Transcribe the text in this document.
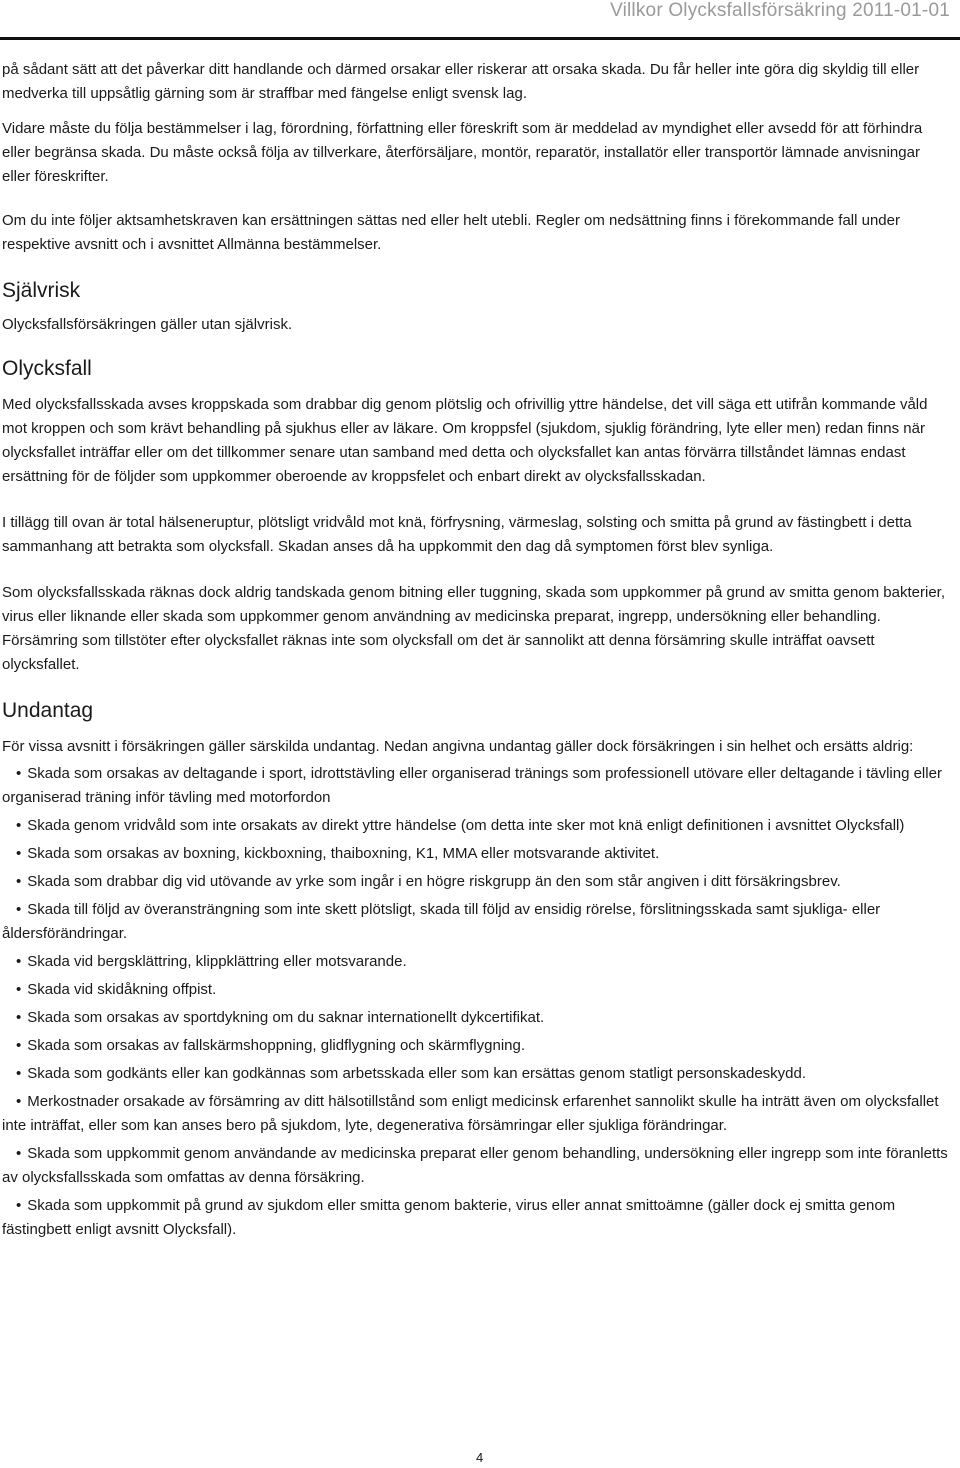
Villkor Olycksfallsförsäkring 2011-01-01

på sådant sätt att det påverkar ditt handlande och därmed orsakar eller riskerar att orsaka skada. Du får heller inte göra dig skyldig till eller medverka till uppsåtlig gärning som är straffbar med fängelse enligt svensk lag.

Vidare måste du följa bestämmelser i lag, förordning, författning eller föreskrift som är meddelad av myndighet eller avsedd för att förhindra eller begränsa skada. Du måste också följa av tillverkare, återförsäljare, montör, reparatör, installatör eller transportör lämnade anvisningar eller föreskrifter.

Om du inte följer aktsamhetskraven kan ersättningen sättas ned eller helt utebli. Regler om nedsättning finns i förekommande fall under respektive avsnitt och i avsnittet Allmänna bestämmelser.

Självrisk

Olycksfallsförsäkringen gäller utan självrisk.

Olycksfall

Med olycksfallsskada avses kroppskada som drabbar dig genom plötslig och ofrivillig yttre händelse, det vill säga ett utifrån kommande våld mot kroppen och som krävt behandling på sjukhus eller av läkare. Om kroppsfel (sjukdom, sjuklig förändring, lyte eller men) redan finns när olycksfallet inträffar eller om det tillkommer senare utan samband med detta och olycksfallet kan antas förvärra tillståndet lämnas endast ersättning för de följder som uppkommer oberoende av kroppsfelet och enbart direkt av olycksfallsskadan.

I tillägg till ovan är total hälseneruptur, plötsligt vridvåld mot knä, förfrysning, värmeslag, solsting och smitta på grund av fästingbett i detta sammanhang att betrakta som olycksfall. Skadan anses då ha uppkommit den dag då symptomen först blev synliga.

Som olycksfallsskada räknas dock aldrig tandskada genom bitning eller tuggning, skada som uppkommer på grund av smitta genom bakterier, virus eller liknande eller skada som uppkommer genom användning av medicinska preparat, ingrepp, undersökning eller behandling. Försämring som tillstöter efter olycksfallet räknas inte som olycksfall om det är sannolikt att denna försämring skulle inträffat oavsett olycksfallet.

Undantag

För vissa avsnitt i försäkringen gäller särskilda undantag. Nedan angivna undantag gäller dock försäkringen i sin helhet och ersätts aldrig:

• Skada som orsakas av deltagande i sport, idrottstävling eller organiserad tränings som professionell utövare eller deltagande i tävling eller organiserad träning inför tävling med motorfordon
• Skada genom vridvåld som inte orsakats av direkt yttre händelse (om detta inte sker mot knä enligt definitionen i avsnittet Olycksfall)
• Skada som orsakas av boxning, kickboxning, thaiboxning, K1, MMA eller motsvarande aktivitet.
• Skada som drabbar dig vid utövande av yrke som ingår i en högre riskgrupp än den som står angiven i ditt försäkringsbrev.
• Skada till följd av överansträngning som inte skett plötsligt, skada till följd av ensidig rörelse, förslitningsskada samt sjukliga- eller åldersförändringar.
• Skada vid bergsklättring, klippklättring eller motsvarande.
• Skada vid skidåkning offpist.
• Skada som orsakas av sportdykning om du saknar internationellt dykcertifikat.
• Skada som orsakas av fallskärmshoppning, glidflygning och skärmflygning.
• Skada som godkänts eller kan godkännas som arbetsskada eller som kan ersättas genom statligt personskadeskydd.
• Merkostnader orsakade av försämring av ditt hälsotillstånd som enligt medicinsk erfarenhet sannolikt skulle ha inträtt även om olycksfallet inte inträffat, eller som kan anses bero på sjukdom, lyte, degenerativa försämringar eller sjukliga förändringar.
• Skada som uppkommit genom användande av medicinska preparat eller genom behandling, undersökning eller ingrepp som inte föranletts av olycksfallsskada som omfattas av denna försäkring.
• Skada som uppkommit på grund av sjukdom eller smitta genom bakterie, virus eller annat smittoämne (gäller dock ej smitta genom fästingbett enligt avsnitt Olycksfall).
4
